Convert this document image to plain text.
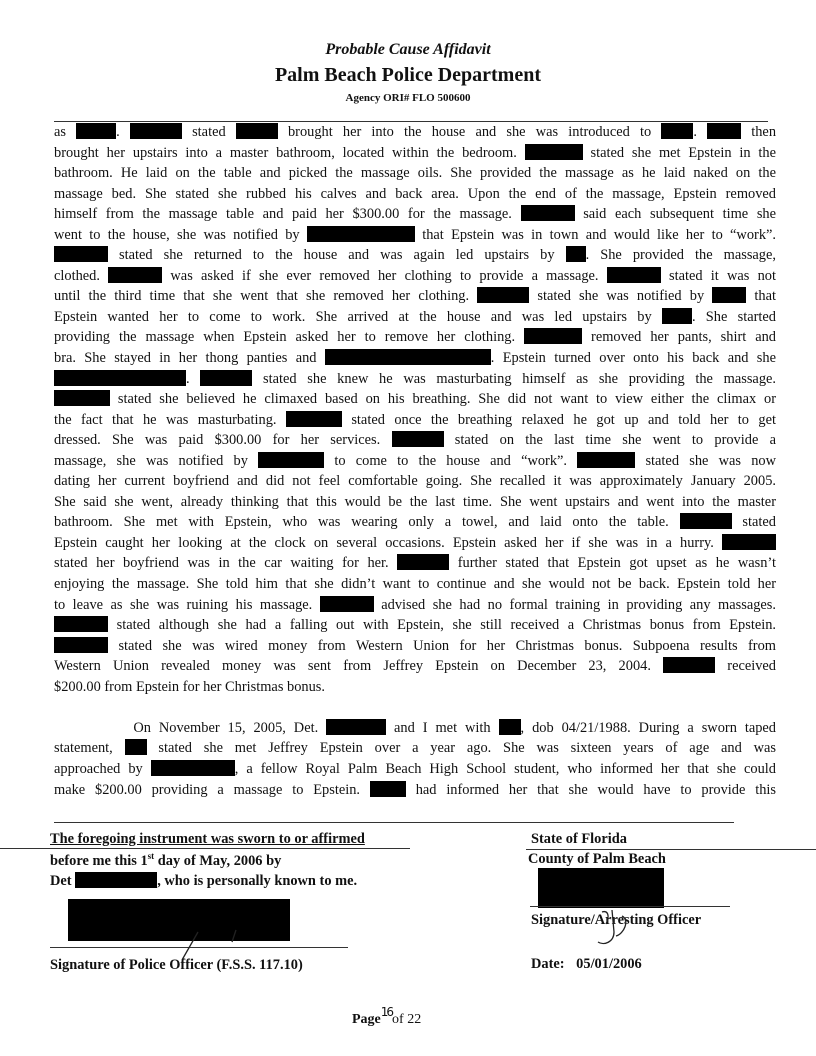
Probable Cause Affidavit
Palm Beach Police Department
Agency ORI# FLO 500600
as	.	stated	brought her into the house and she was introduced to .  then
brought her upstairs into a master bathroom, located within the bedroom.	stated she met Epstein in the
bathroom. He laid on the table and picked the massage oils. She provided the massage as he laid naked on the
massage bed. She stated she rubbed his calves and back area. Upon the end of the massage, Epstein removed
himself from the massage table and paid her $300.00 for the massage.	said each subsequent time she
went to the house, she was notified by	that Epstein was in town and would like her to “work”.
stated she returned to the house and was again led upstairs by . She provided the massage,
clothed.	was asked if she ever removed her clothing to provide a massage.	stated it was not
until the third time that she went that she removed her clothing.	stated she was notified by  that
Epstein wanted her to come to work. She arrived at the house and was led upstairs by . She started
providing the massage when Epstein asked her to remove her clothing.	removed her pants, shirt and
bra. She stayed in her thong panties and	. Epstein turned over onto his back and she
.	stated she knew he was masturbating himself as she providing the massage.
stated she believed he climaxed based on his breathing. She did not want to view either the climax or
the fact that he was masturbating.	stated once the breathing relaxed he got up and told her to get
dressed. She was paid $300.00 for her services.	stated on the last time she went to provide a
massage, she was notified by	to come to the house and “work”.	stated she was now
dating her current boyfriend and did not feel comfortable going. She recalled it was approximately January 2005.
She said she went, already thinking that this would be the last time. She went upstairs and went into the master
bathroom. She met with Epstein, who was wearing only a towel, and laid onto the table.	stated
Epstein caught her looking at the clock on several occasions. Epstein asked her if she was in a hurry.
stated her boyfriend was in the car waiting for her.	further stated that Epstein got upset as he wasn’t
enjoying the massage. She told him that she didn’t want to continue and she would not be back. Epstein told her
to leave as she was ruining his massage.	advised she had no formal training in providing any massages.
stated although she had a falling out with Epstein, she still received a Christmas bonus from Epstein.
stated she was wired money from Western Union for her Christmas bonus. Subpoena results from
Western Union revealed money was sent from Jeffrey Epstein on December 23, 2004.	received
$200.00 from Epstein for her Christmas bonus.
On November 15, 2005, Det.	and I met with , dob 04/21/1988. During a sworn taped
statement,  stated she met Jeffrey Epstein over a year ago. She was sixteen years of age and was
approached by	, a fellow Royal Palm Beach High School student, who informed her that she could
make $200.00 providing a massage to Epstein.	had informed her that she would have to provide this
The foregoing instrument was sworn to or affirmed
before me this 1st day of May, 2006 by
Det	, who is personally known to me.
Signature of Police Officer (F.S.S. 117.10)
State of Florida
County of Palm Beach
Signature/Arresting Officer
Date: 05/01/2006
Page16of 22
